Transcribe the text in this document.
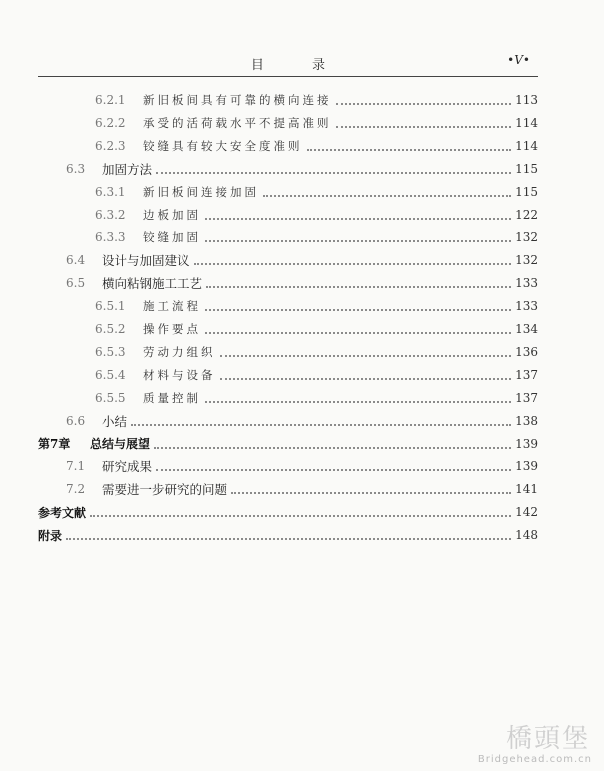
目 录	•V•
6.2.1	新旧板间具有可靠的横向连接	113
6.2.2	承受的活荷载水平不提高准则	114
6.2.3	铰缝具有较大安全度准则	114
6.3	加固方法	115
6.3.1	新旧板间连接加固	115
6.3.2	边板加固	122
6.3.3	铰缝加固	132
6.4	设计与加固建议	132
6.5	横向粘钢施工工艺	133
6.5.1	施工流程	133
6.5.2	操作要点	134
6.5.3	劳动力组织	136
6.5.4	材料与设备	137
6.5.5	质量控制	137
6.6	小结	138
第7章	总结与展望	139
7.1	研究成果	139
7.2	需要进一步研究的问题	141
参考文献	142
附录	148
橋頭堡
Bridgehead.com.cn
